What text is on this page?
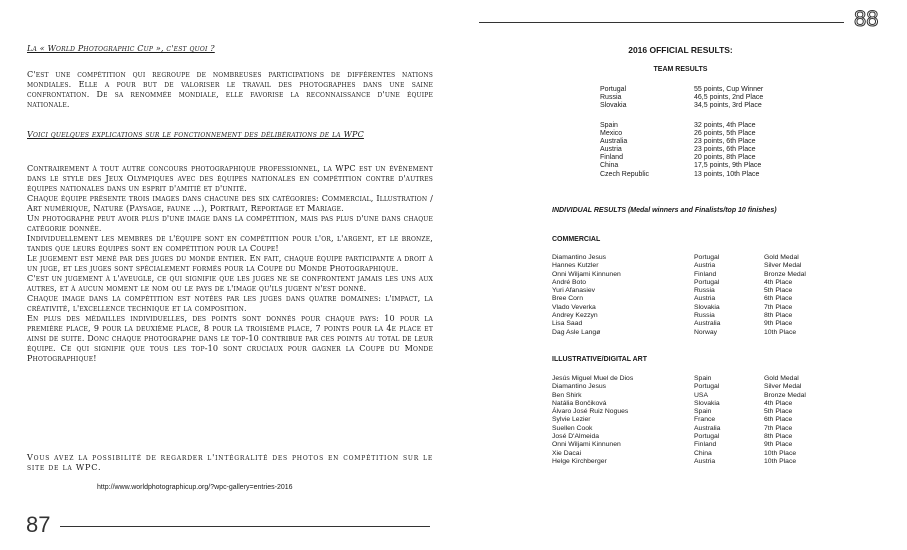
La « World Photographic Cup », c'est quoi ?
C'est une compétition qui regroupe de nombreuses participations de différentes nations mondiales. Elle a pour but de valoriser le travail des photographes dans une saine confrontation. De sa renommée mondiale, elle favorise la reconnaissance d'une équipe nationale.
Voici quelques explications sur le fonctionnement des délibérations de la WPC

Contrairement à tout autre concours photographique professionnel, la WPC est un évènement dans le style des Jeux Olympiques avec des équipes nationales en compétition contre d'autres équipes nationales dans un esprit d'amitié et d'unité.

Chaque équipe présente trois images dans chacune des six catégories: Commercial, Illustration / Art numérique, Nature (Paysage, faune ...), Portrait, Reportage et Mariage.

Un photographe peut avoir plus d'une image dans la compétition, mais pas plus d'une dans chaque catégorie donnée.

Individuellement les membres de l'équipe sont en compétition pour l'or, l'argent, et le bronze, tandis que leurs équipes sont en compétition pour la Coupe!

Le jugement est mené par des juges du monde entier. En fait, chaque équipe participante a droit à un juge, et les juges sont spécialement formés pour la Coupe du Monde Photographique.

C'est un jugement à l'aveugle, ce qui signifie que les juges ne se confrontent jamais les uns aux autres, et à aucun moment le nom ou le pays de l'image qu'ils jugent n'est donné.

Chaque image dans la compétition est notées par les juges dans quatre domaines: l'impact, la créativité, l'excellence technique et la composition.

En plus des médailles individuelles, des points sont donnés pour chaque pays: 10 pour la première place, 9 pour la deuxième place, 8 pour la troisième place, 7 points pour la 4e place et ainsi de suite. Donc chaque photographe dans le top-10 contribue par ces points au total de leur équipe. Ce qui signifie que tous les top-10 sont cruciaux pour gagner la Coupe du Monde Photographique!

Vous avez la possibilité de regarder l'intégralité des photos en compétition sur le site de la WPC.
http://www.worldphotographicup.org/?wpc-gallery=entries-2016
87
88
2016 OFFICIAL RESULTS:
TEAM RESULTS
Portugal	55 points, Cup Winner
Russia	46,5 points, 2nd Place
Slovakia	34,5 points, 3rd Place
Spain	32 points, 4th Place
Mexico	26 points, 5th Place
Australia	23 points, 6th Place
Austria	23 points, 6th Place
Finland	20 points, 8th Place
China	17,5 points, 9th Place
Czech Republic	13 points, 10th Place
INDIVIDUAL RESULTS (Medal winners and Finalists/top 10 finishes)
COMMERCIAL
Diamantino Jesus	Portugal	Gold Medal
Hannes Kutzler	Austria	Silver Medal
Onni Wiljami Kinnunen	Finland	Bronze Medal
André Boto	Portugal	4th Place
Yuri Afanasiev	Russia	5th Place
Bree Corn	Austria	6th Place
Vlado Veverka	Slovakia	7th Place
Andrey Kezzyn	Russia	8th Place
Lisa Saad	Australia	9th Place
Dag Asle Langø	Norway	10th Place
ILLUSTRATIVE/DIGITAL ART
Jesús Miguel Muel de Dios	Spain	Gold Medal
Diamantino Jesus	Portugal	Silver Medal
Ben Shirk	USA	Bronze Medal
Natália Bončiková	Slovakia	4th Place
Álvaro José Ruiz Nogues	Spain	5th Place
Sylvie Lezier	France	6th Place
Suellen Cook	Australia	7th Place
José D'Almeida	Portugal	8th Place
Onni Wiljami Kinnunen	Finland	9th Place
Xie Dacai	China	10th Place
Helge Kirchberger	Austria	10th Place
